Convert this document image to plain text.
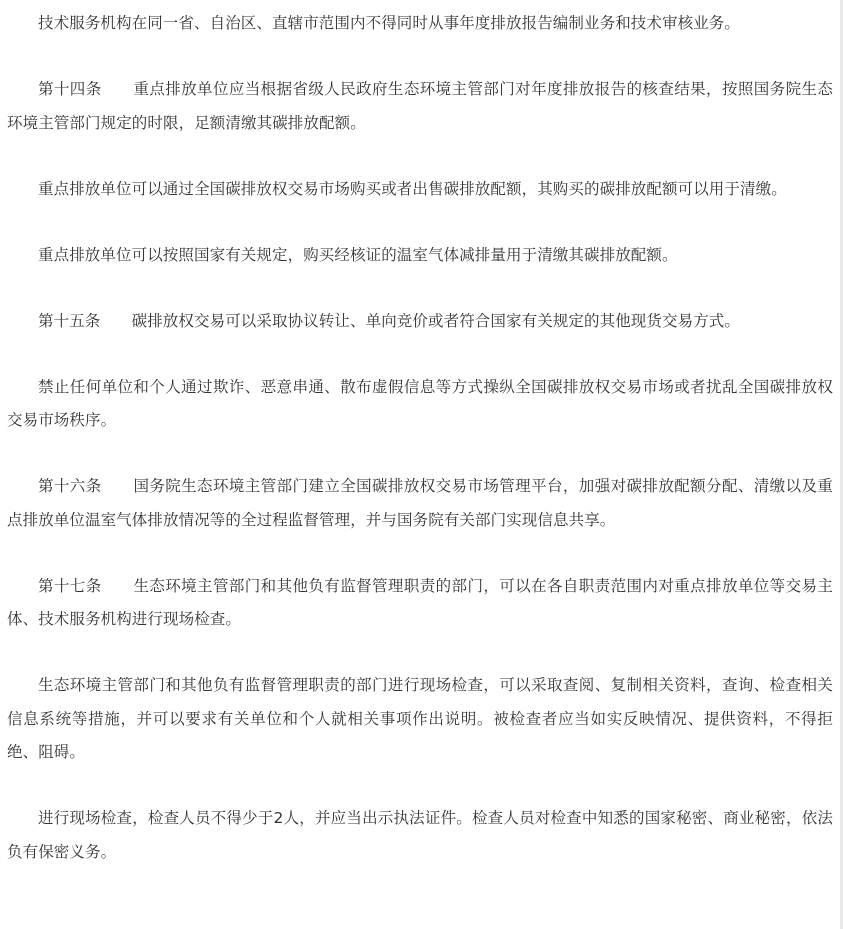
技术服务机构在同一省、自治区、直辖市范围内不得同时从事年度排放报告编制业务和技术审核业务。

第十四条　　 重点排放单位应当根据省级人民政府生态环境主管部门对年度排放报告的核查结果，按照国务院生态环境主管部门规定的时限，足额清缴其碳排放配额。

重点排放单位可以通过全国碳排放权交易市场购买或者出售碳排放配额，其购买的碳排放配额可以用于清缴。

重点排放单位可以按照国家有关规定，购买经核证的温室气体减排量用于清缴其碳排放配额。

第十五条　　 碳排放权交易可以采取协议转让、单向竞价或者符合国家有关规定的其他现货交易方式。

禁止任何单位和个人通过欺诈、恶意串通、散布虚假信息等方式操纵全国碳排放权交易市场或者扰乱全国碳排放权交易市场秩序。

第十六条　　 国务院生态环境主管部门建立全国碳排放权交易市场管理平台，加强对碳排放配额分配、清缴以及重点排放单位温室气体排放情况等的全过程监督管理，并与国务院有关部门实现信息共享。

第十七条　　 生态环境主管部门和其他负有监督管理职责的部门，可以在各自职责范围内对重点排放单位等交易主体、技术服务机构进行现场检查。

生态环境主管部门和其他负有监督管理职责的部门进行现场检查，可以采取查阅、复制相关资料，查询、检查相关信息系统等措施，并可以要求有关单位和个人就相关事项作出说明。被检查者应当如实反映情况、提供资料，不得拒绝、阻碍。

进行现场检查，检查人员不得少于2人，并应当出示执法证件。检查人员对检查中知悉的国家秘密、商业秘密，依法负有保密义务。
